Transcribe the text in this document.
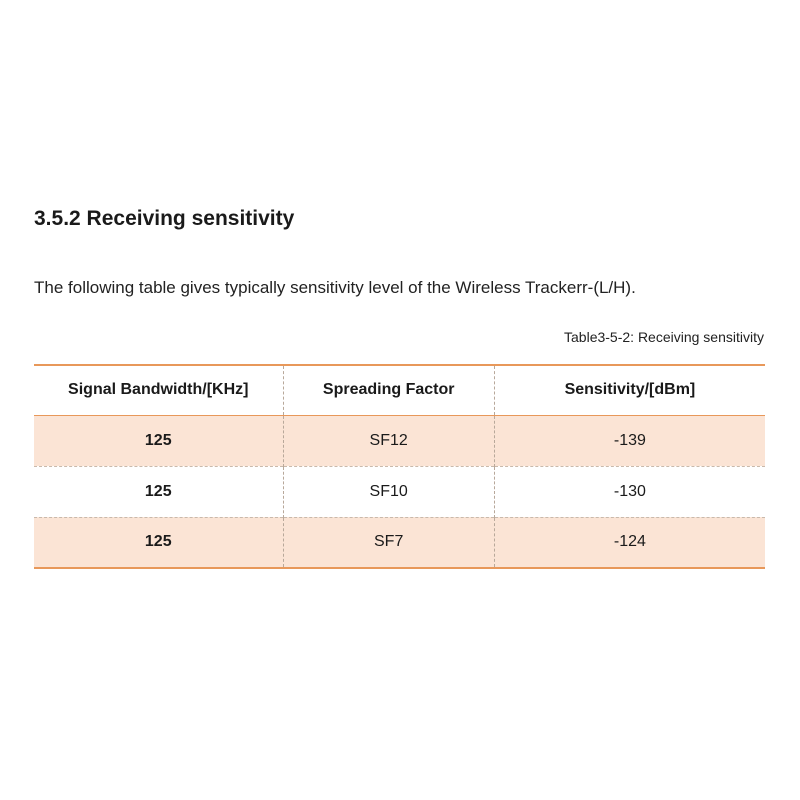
3.5.2 Receiving sensitivity

The following table gives typically sensitivity level of the Wireless Trackerr-(L/H).

Table3-5-2: Receiving sensitivity

Signal Bandwidth/[KHz]	Spreading Factor	Sensitivity/[dBm]
125	SF12	-139
125	SF10	-130
125	SF7	-124
